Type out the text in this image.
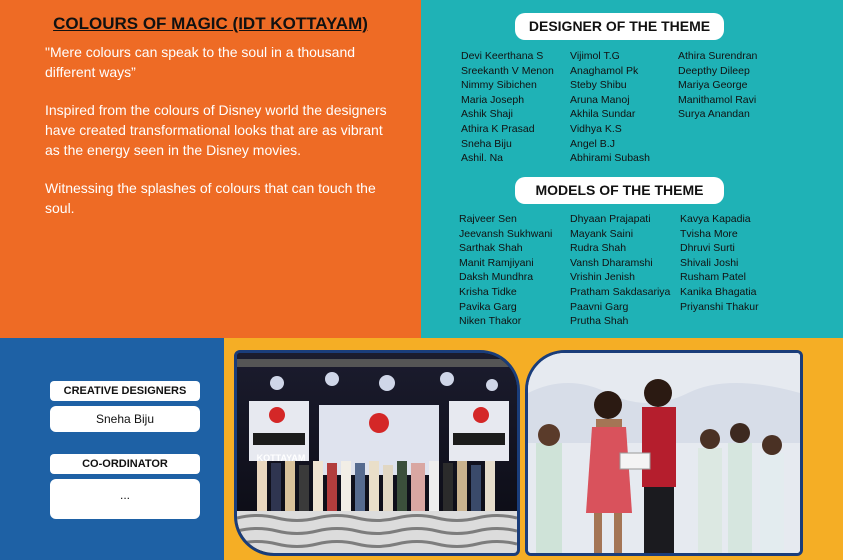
COLOURS OF MAGIC (IDT KOTTAYAM)

"Mere colours can speak to the soul in a thousand different ways”

Inspired from the colours of Disney world the designers have created transformational looks that are as vibrant as the energy seen in the Disney movies.

Witnessing the splashes of colours that can touch the soul.

DESIGNER OF THE THEME
Devi Keerthana S
Sreekanth V Menon
Nimmy Sibichen
Maria Joseph
Ashik Shaji
Athira K Prasad
Sneha Biju
Ashil. Na
Vijimol T.G
Anaghamol Pk
Steby Shibu
Aruna Manoj
Akhila Sundar
Vidhya K.S
Angel B.J
Abhirami Subash
Athira Surendran
Deepthy Dileep
Mariya George
Manithamol Ravi
Surya Anandan
MODELS OF THE THEME
Rajveer Sen
Jeevansh Sukhwani
Sarthak Shah
Manit Ramjiyani
Daksh Mundhra
Krisha Tidke
Pavika Garg
Niken Thakor
Dhyaan Prajapati
Mayank Saini
Rudra Shah
Vansh Dharamshi
Vrishin Jenish
Pratham Sakdasariya
Paavni Garg
Prutha Shah
Kavya Kapadia
Tvisha More
Dhruvi Surti
Shivali Joshi
Rusham Patel
Kanika Bhagatia
Priyanshi Thakur
CREATIVE DESIGNERS
Sneha Biju
CO-ORDINATOR
...
KOTTAYAM
